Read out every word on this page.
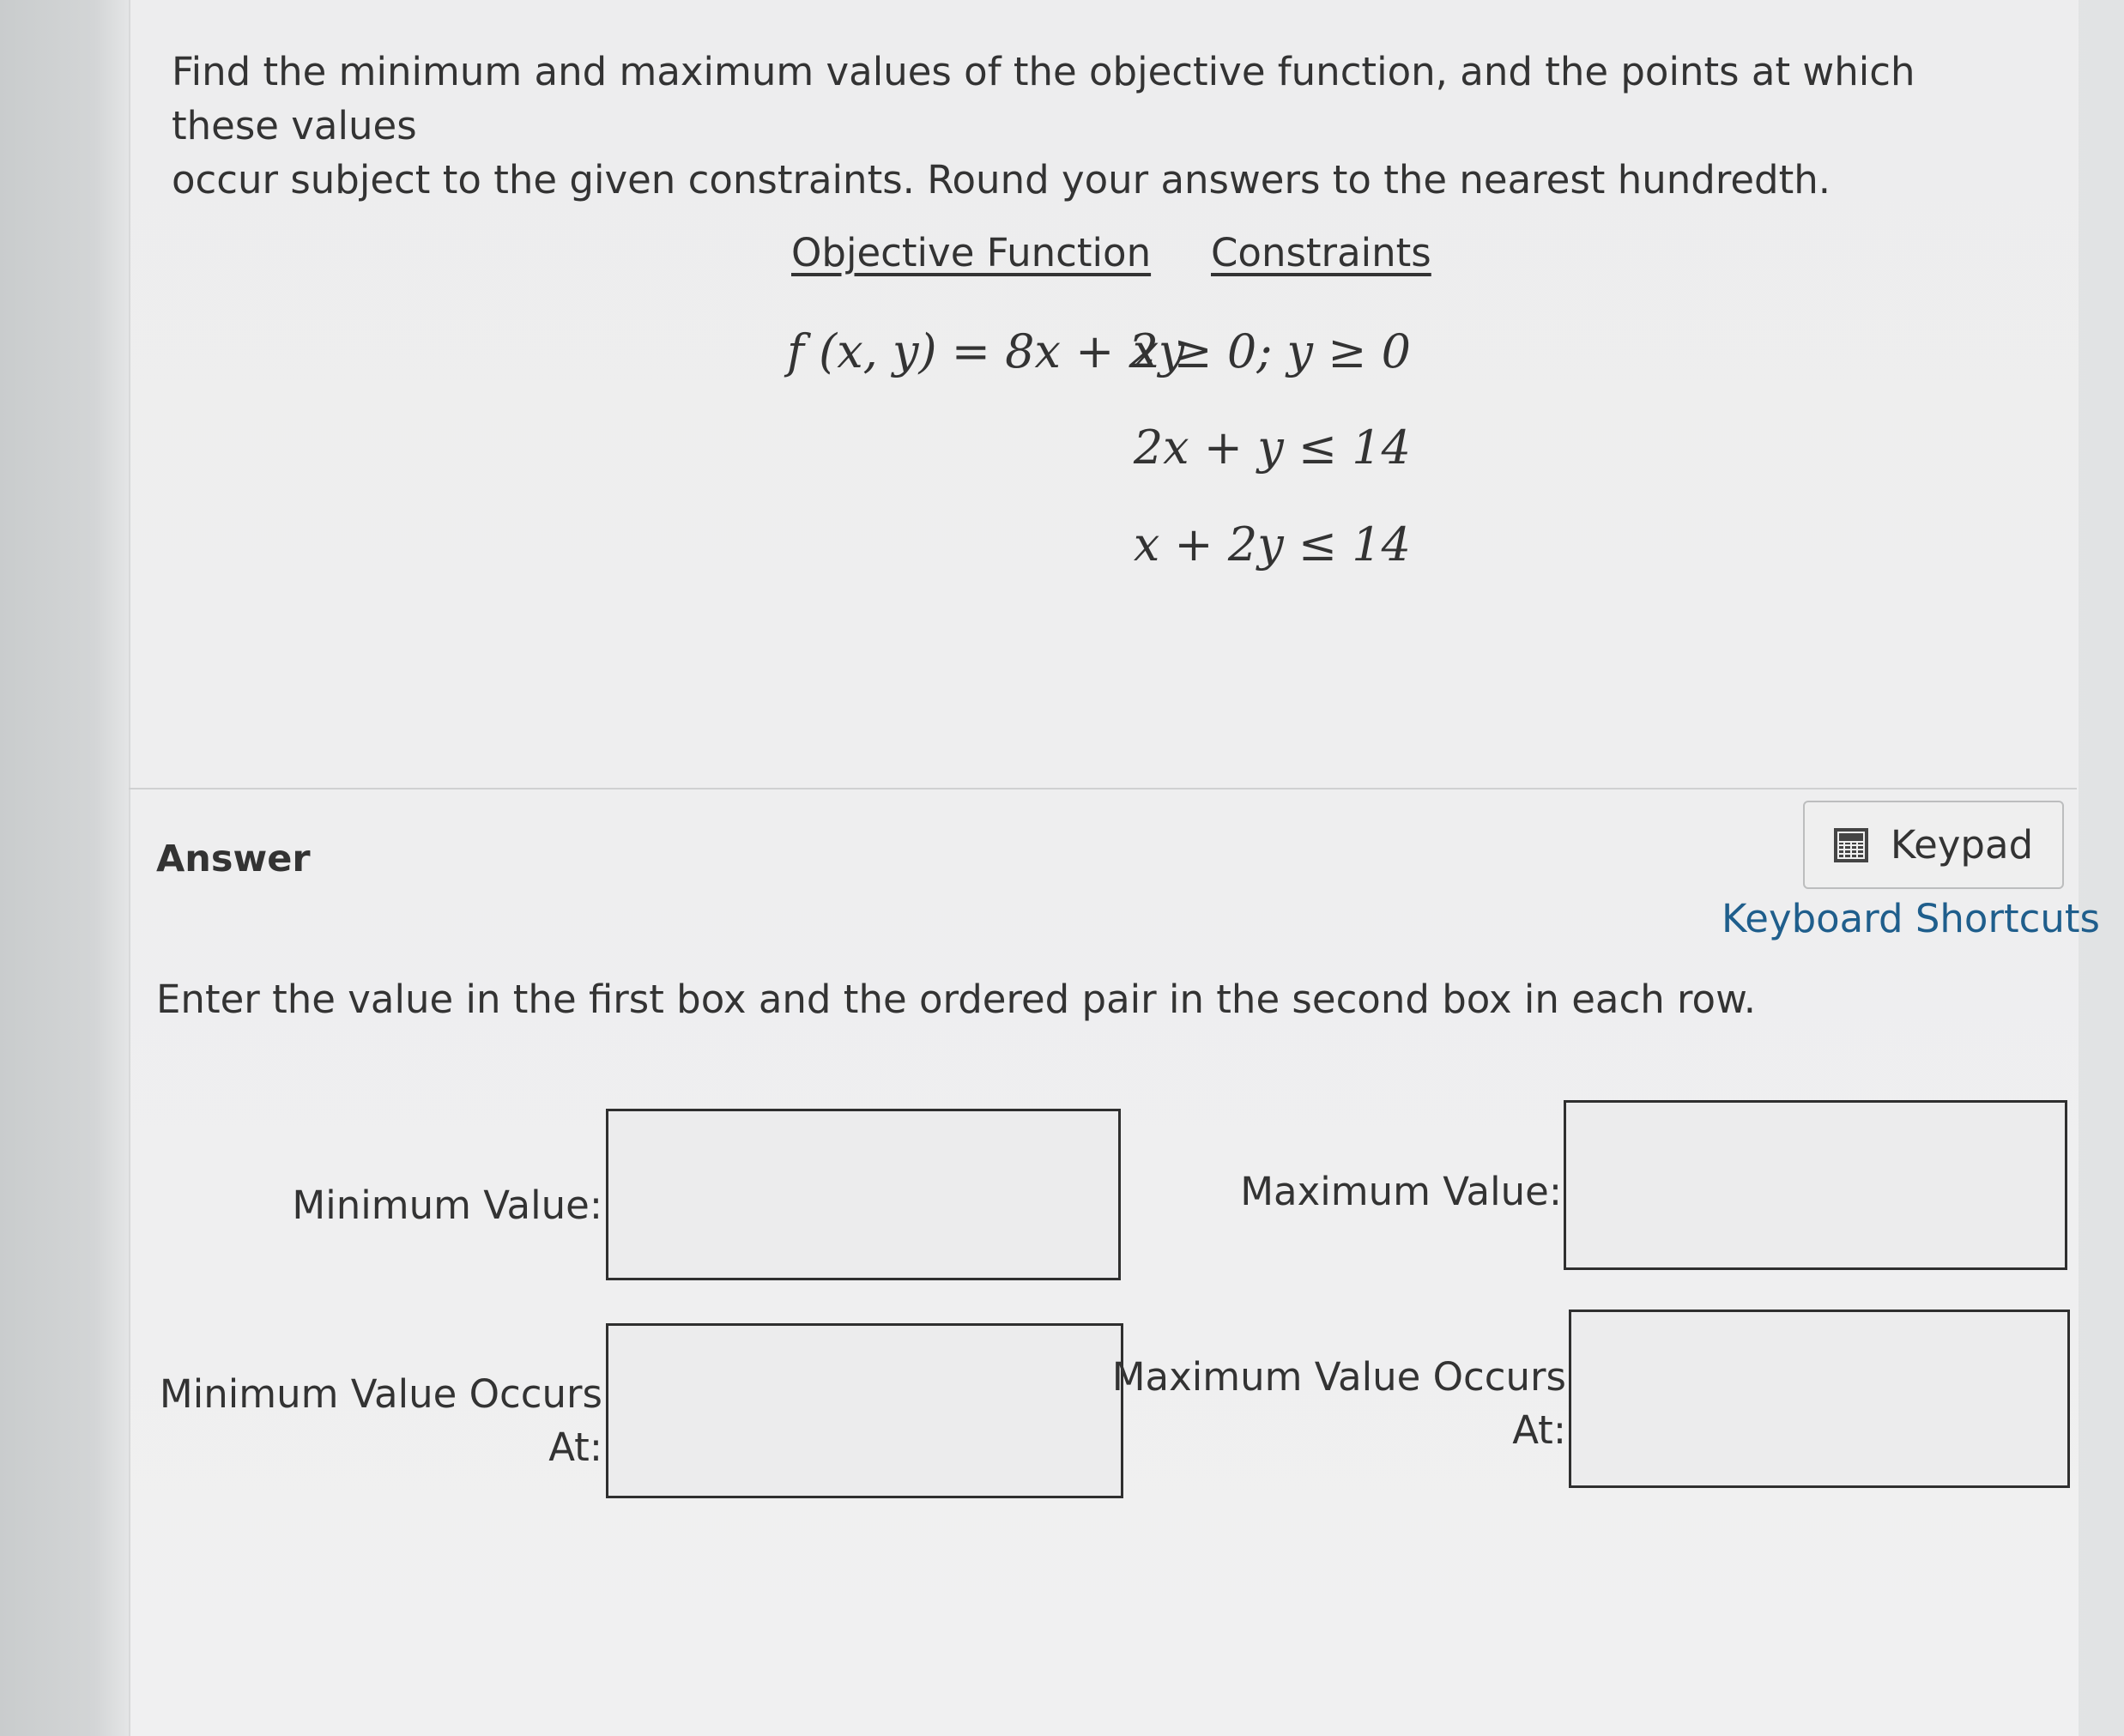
Find the minimum and maximum values of the objective function, and the points at which these values
occur subject to the given constraints. Round your answers to the nearest hundredth.
Objective Function Constraints
f (x, y) = 8x + 2y
x ≥ 0; y ≥ 0
2x + y ≤ 14
x + 2y ≤ 14
Answer	Keypad
Keyboard Shortcuts
Enter the value in the first box and the ordered pair in the second box in each row.
Minimum Value:
Minimum Value Occurs
At:
Maximum Value:
Maximum Value Occurs
At:
